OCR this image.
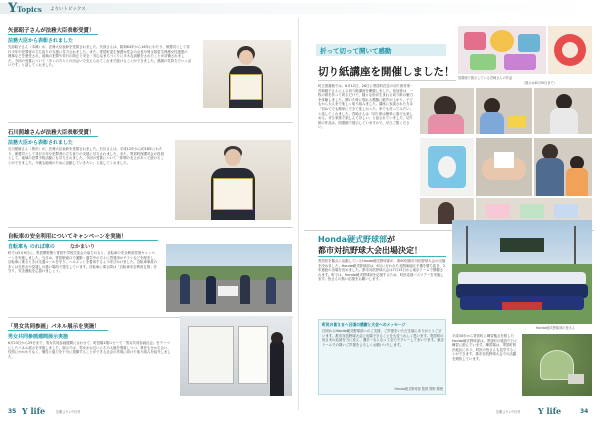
Y Topics よりいトピックス
矢部昭子さんが法務大臣表彰受賞！
法務大臣から表彰されました
矢部昭子さん（本郷）が、法務大臣表彰を受賞されました。矢部さんは、昭和63年から16年にわたり、保護司として非行少年や犯罪者の立ち直りの支援に尽力されました。また、寄居町更生保護女性会の会長や埼玉県更生保護女性連盟の理事などを歴任され、地域の犯罪や非行の防止と安全・安心なまちづくりに多大な貢献をされたことが評価されました。今回の受賞について「多くの方々との出会いで支えられてこれまで続けることができました。感謝の気持ちでいっぱいです」と話してくれました。
石川照雄さんが法務大臣表彰受賞！
法務大臣から表彰されました
石川照雄さん（桜沢）が、法務大臣表彰を受賞されました。石川さんは、平成12年から約18年にわたり、保護司として非行少年や犯罪者の立ち直りの支援に尽力されました。また、寄居町保護司会の役員として、地域の犯罪予防活動にも尽力されました。今回の受賞について「仲間の支えがあって続けることができました。今後も地域のために活動していきたい」と話してくれました。
自転車の安全利用についてキャンペーンを実施！
自転車も のれば車の	なかまいり
町では5月9日に、寄居警察署と寄居中学校生徒会の協力のもと、自転車の安全利用啓発キャンペーンを実施しました。当日は、寄居駅南口で通勤・通学中の方々に啓発用のチラシなどを配布し、自転車に乗るときは交通ルールを守り、ヘルメットを着用するよう呼びかけました。自転車事故の多くは交差点や見通しの悪い場所で発生しています。自転車に乗る際は「自転車安全利用五則」を守り、安全運転を心掛けましょう。
「男女共同参画」パネル展示を実施！
男女共同参画週間展示実施
6月23日から29日まで、男女共同参画週間に合わせて、町役場1階ロビーで「男女共同参画社会」をテーマにしたパネル展示を実施しました。展示では、男女がお互いにその人権を尊重しつつ、責任も分かち合い、性別にかかわりなく、個性と能力を十分に発揮することができる社会の実現に向けた取り組みを紹介しました。
35 Y life	広報よりい7月号
折って切って開いて感動
切り紙講座を開催しました！ 図書館で展示している宮崎さんの作品
（展示は8月30日まで）
町立図書館では、6月12日、26日に寄居町在住の切り紙作家・宮崎雅子さんによる切り紙講座を開催しました。参加者は、一枚の紙を折って切るだけで、様々な形が生まれる切り紙の魅力を体験しました。開いた時に現れる模様に歓声が上がり、子どもから大人まで楽しく取り組みました。講座に参加された方は「初めてでも簡単にできて楽しかった。家でも作ってみたい」と話してくれました。宮崎さんは「切り紙は簡単に誰でも楽しめる。ぜひ家族で楽しんでほしい」と話されていました。切り紙の作品は、図書館で展示していますので、ぜひご覧ください。
Honda硬式野球部が
都市対抗野球大会出場決定！
寄居町を拠点に活動しているHonda硬式野球部が、第90回都市対抗野球大会の出場を決めました。Honda硬式野球部は、6月に行われた北関東地区予選を勝ち抜き、2年連続の出場を決めました。都市対抗野球大会は7月13日から東京ドームで開催されます。町では、Honda硬式野球部を応援するため、町民応援バスツアーを実施します。皆さんの熱い応援をお願いします。
町民の皆さまへ日頃の感謝と大会へのメッセージ
日頃からHonda硬式野球部へのご支援、ご声援をいただき誠にありがとうございます。都市対抗野球大会に出場できることを大変うれしく思います。寄居町の皆さまの応援を力に変え、選手一丸となって全力でプレーしてまいります。東京ドームでの熱いご声援をよろしくお願いいたします。
Honda硬式野球部 監督 岡野 勝俊
Honda硬式野球部の皆さん
平成30年から寄居町に練習拠点を移したHonda硬式野球部は、寄居町の施設で日々練習に励んでいます。練習場は、寄居町桜沢地区にあり、町民の皆さんも見学することができます。都市対抗野球大会での活躍を期待しています。
広報よりい7月号 Y life	34
